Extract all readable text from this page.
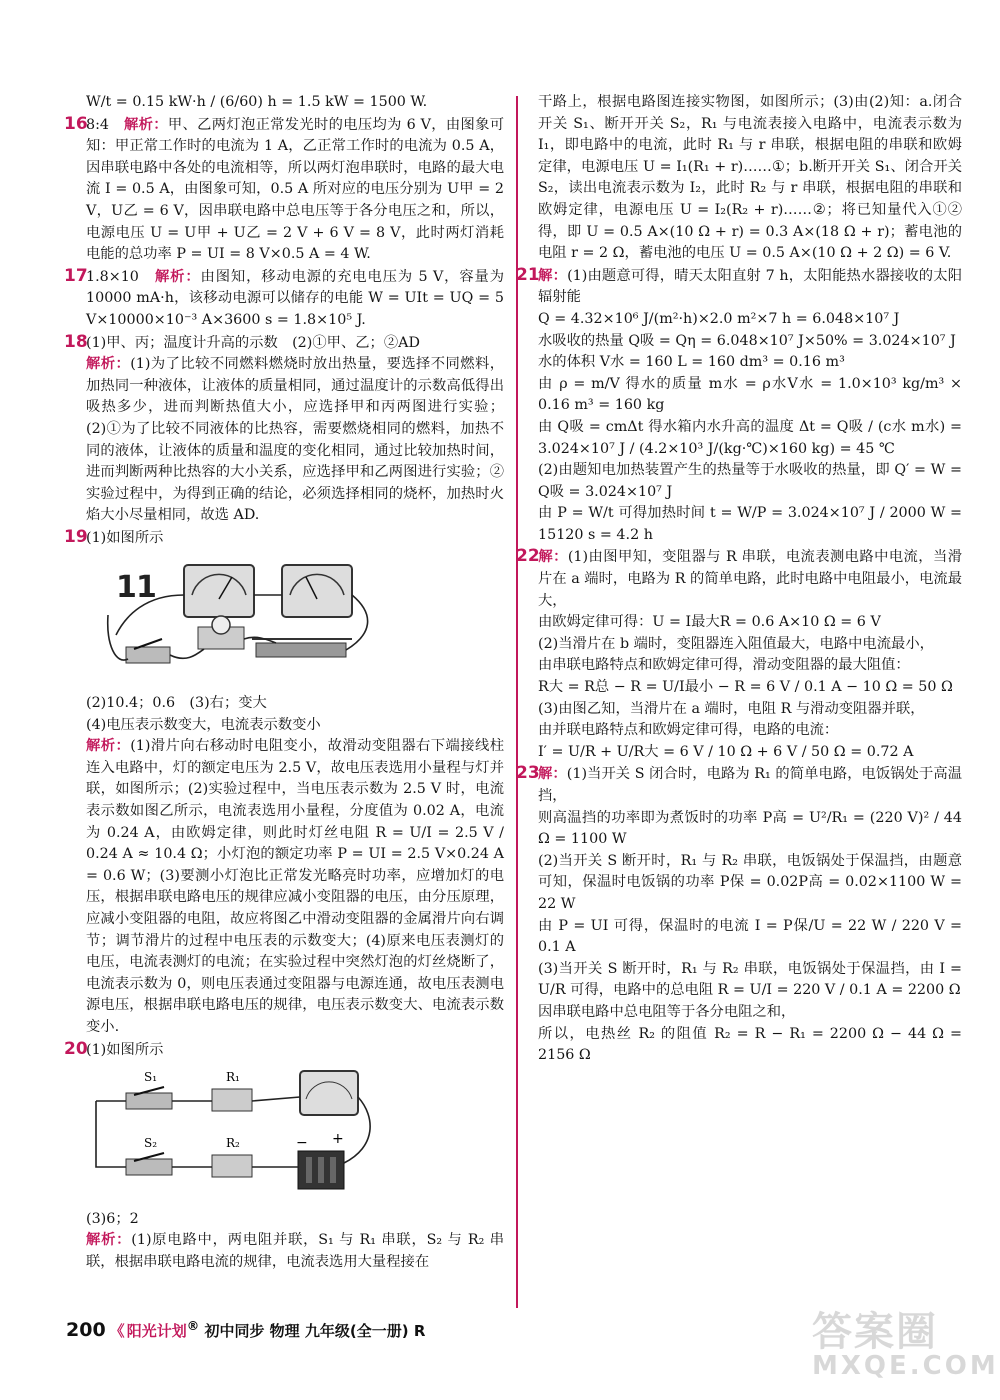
W/t = 0.15 kW·h / (6/60) h = 1.5 kW = 1500 W.

168:4　 解析：甲、乙两灯泡正常发光时的电压均为 6 V，由图象可知：甲正常工作时的电流为 1 A，乙正常工作时的电流为 0.5 A，因串联电路中各处的电流相等，所以两灯泡串联时，电路的最大电流 I = 0.5 A，由图象可知，0.5 A 所对应的电压分别为 U甲 = 2 V，U乙 = 6 V，因串联电路中总电压等于各分电压之和，所以，电源电压 U = U甲 + U乙 = 2 V + 6 V = 8 V，此时两灯消耗电能的总功率 P = UI = 8 V×0.5 A = 4 W.

171.8×10　 解析：由图知，移动电源的充电电压为 5 V，容量为 10000 mA·h，该移动电源可以储存的电能 W = UIt = UQ = 5 V×10000×10⁻³ A×3600 s = 1.8×10⁵ J.

18(1)甲、丙；温度计升高的示数　(2)①甲、乙；②AD

解析：(1)为了比较不同燃料燃烧时放出热量，要选择不同燃料，加热同一种液体，让液体的质量相同，通过温度计的示数高低得出吸热多少，进而判断热值大小，应选择甲和丙两图进行实验；(2)①为了比较不同液体的比热容，需要燃烧相同的燃料，加热不同的液体，让液体的质量和温度的变化相同，通过比较加热时间，进而判断两种比热容的大小关系，应选择甲和乙两图进行实验；②实验过程中，为得到正确的结论，必须选择相同的烧杯，加热时火焰大小尽量相同，故选 AD.

19(1)如图所示

1 1

(2)10.4；0.6　(3)右；变大

(4)电压表示数变大，电流表示数变小

解析：(1)滑片向右移动时电阻变小，故滑动变阻器右下端接线柱连入电路中，灯的额定电压为 2.5 V，故电压表选用小量程与灯并联，如图所示；(2)实验过程中，当电压表示数为 2.5 V 时，电流表示数如图乙所示，电流表选用小量程，分度值为 0.02 A，电流为 0.24 A，由欧姆定律，则此时灯丝电阻 R = U/I = 2.5 V / 0.24 A ≈ 10.4 Ω；小灯泡的额定功率 P = UI = 2.5 V×0.24 A = 0.6 W；(3)要测小灯泡比正常发光略亮时功率，应增加灯的电压，根据串联电路电压的规律应减小变阻器的电压，由分压原理，应减小变阻器的电阻，故应将图乙中滑动变阻器的金属滑片向右调节；调节滑片的过程中电压表的示数变大；(4)原来电压表测灯的电压，电流表测灯的电流；在实验过程中突然灯泡的灯丝烧断了，电流表示数为 0，则电压表通过变阻器与电源连通，故电压表测电源电压，根据串联电路电压的规律，电压表示数变大、电流表示数变小.

20(1)如图所示

S₁	R₁
S₂	R₂	− +

(3)6；2

解析：(1)原电路中，两电阻并联，S₁ 与 R₁ 串联，S₂ 与 R₂ 串联，根据串联电路电流的规律，电流表选用大量程接在

干路上，根据电路图连接实物图，如图所示；(3)由(2)知：a.闭合开关 S₁、断开开关 S₂，R₁ 与电流表接入电路中，电流表示数为 I₁，即电路中的电流，此时 R₁ 与 r 串联，根据电阻的串联和欧姆定律，电源电压 U = I₁(R₁ + r)……①；b.断开开关 S₁、闭合开关 S₂，读出电流表示数为 I₂，此时 R₂ 与 r 串联，根据电阻的串联和欧姆定律，电源电压 U = I₂(R₂ + r)……②；将已知量代入①②得，即 U = 0.5 A×(10 Ω + r) = 0.3 A×(18 Ω + r)；蓄电池的电阻 r = 2 Ω，蓄电池的电压 U = 0.5 A×(10 Ω + 2 Ω) = 6 V.

21解：(1)由题意可得，晴天太阳直射 7 h，太阳能热水器接收的太阳辐射能

Q = 4.32×10⁶ J/(m²·h)×2.0 m²×7 h = 6.048×10⁷ J

水吸收的热量 Q吸 = Qη = 6.048×10⁷ J×50% = 3.024×10⁷ J

水的体积 V水 = 160 L = 160 dm³ = 0.16 m³

由 ρ = m/V 得水的质量 m水 = ρ水V水 = 1.0×10³ kg/m³ × 0.16 m³ = 160 kg

由 Q吸 = cmΔt 得水箱内水升高的温度 Δt = Q吸 / (c水 m水) = 3.024×10⁷ J / (4.2×10³ J/(kg·℃)×160 kg) = 45 ℃

(2)由题知电加热装置产生的热量等于水吸收的热量，即 Q′ = W = Q吸 = 3.024×10⁷ J

由 P = W/t 可得加热时间 t = W/P = 3.024×10⁷ J / 2000 W = 15120 s = 4.2 h

22解：(1)由图甲知，变阻器与 R 串联，电流表测电路中电流，当滑片在 a 端时，电路为 R 的简单电路，此时电路中电阻最小，电流最大，

由欧姆定律可得：U = I最大R = 0.6 A×10 Ω = 6 V

(2)当滑片在 b 端时，变阻器连入阻值最大，电路中电流最小，

由串联电路特点和欧姆定律可得，滑动变阻器的最大阻值：

R大 = R总 − R = U/I最小 − R = 6 V / 0.1 A − 10 Ω = 50 Ω

(3)由图乙知，当滑片在 a 端时，电阻 R 与滑动变阻器并联，

由并联电路特点和欧姆定律可得，电路的电流：

I′ = U/R + U/R大 = 6 V / 10 Ω + 6 V / 50 Ω = 0.72 A

23解：(1)当开关 S 闭合时，电路为 R₁ 的简单电路，电饭锅处于高温挡，

则高温挡的功率即为煮饭时的功率 P高 = U²/R₁ = (220 V)² / 44 Ω = 1100 W

(2)当开关 S 断开时，R₁ 与 R₂ 串联，电饭锅处于保温挡，由题意可知，保温时电饭锅的功率 P保 = 0.02P高 = 0.02×1100 W = 22 W

由 P = UI 可得，保温时的电流 I = P保/U = 22 W / 220 V = 0.1 A

(3)当开关 S 断开时，R₁ 与 R₂ 串联，电饭锅处于保温挡，由 I = U/R 可得，电路中的总电阻 R = U/I = 220 V / 0.1 A = 2200 Ω

因串联电路中总电阻等于各分电阻之和，

所以，电热丝 R₂ 的阻值 R₂ = R − R₁ = 2200 Ω − 44 Ω = 2156 Ω

200 《 阳光计划® 初中同步 物理 九年级(全一册) R	答案圈
MXQE.COM
